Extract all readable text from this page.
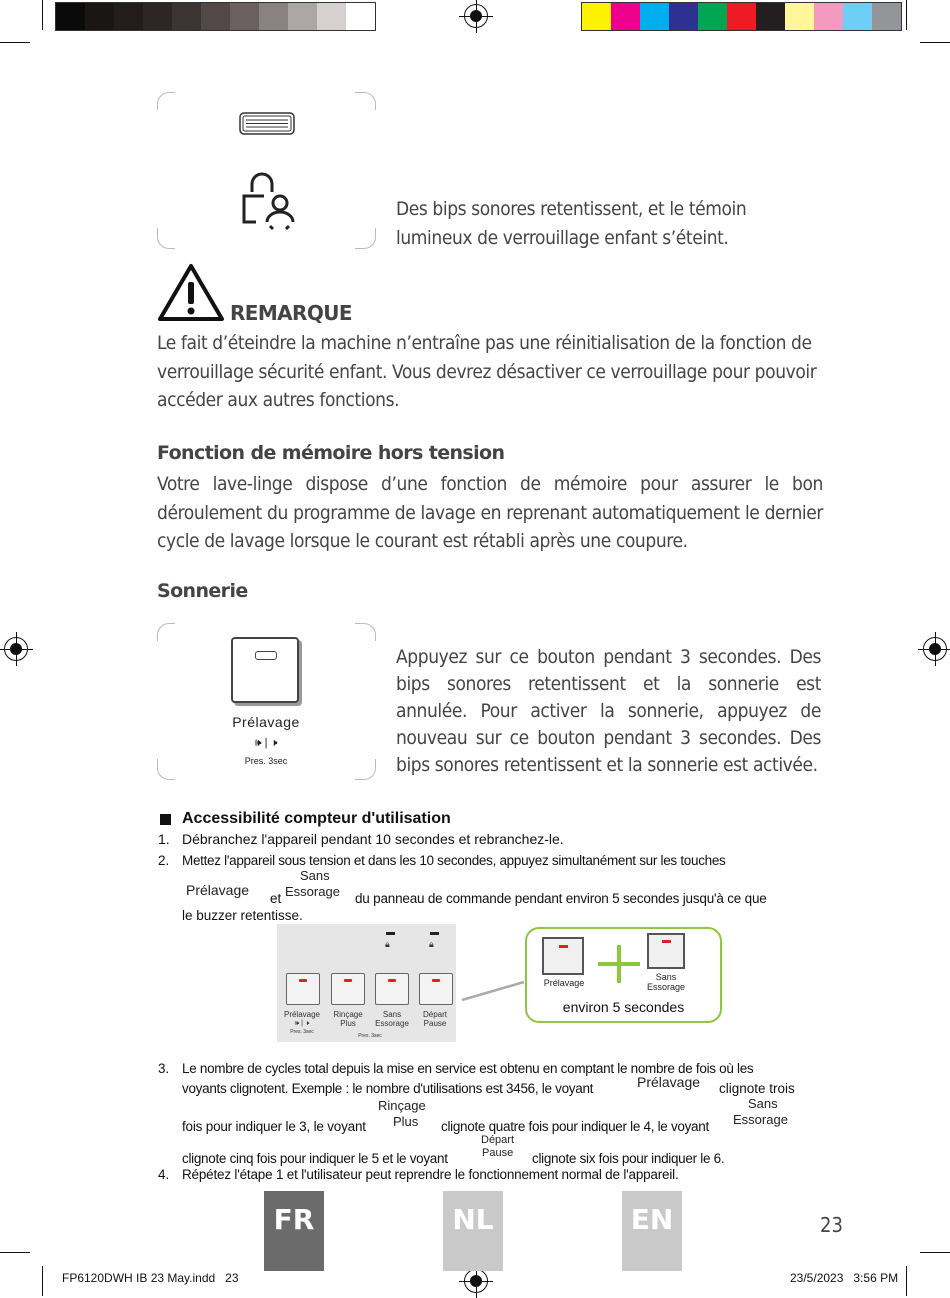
Des bips sonores retentissent, et le témoin lumineux de verrouillage enfant s’éteint.
REMARQUE
Le fait d’éteindre la machine n’entraîne pas une réinitialisation de la fonction de verrouillage sécurité enfant. Vous devrez désactiver ce verrouillage pour pouvoir accéder aux autres fonctions.
Fonction de mémoire hors tension
Votre lave-linge dispose d’une fonction de mémoire pour assurer le bon déroulement du programme de lavage en reprenant automatiquement le dernier cycle de lavage lorsque le courant est rétabli après une coupure.
Sonnerie
Prélavage
🕪 | 🕨
Pres. 3sec
Appuyez sur ce bouton pendant 3 secondes. Des bips sonores retentissent et la sonnerie est annulée. Pour activer la sonnerie, appuyez de nouveau sur ce bouton pendant 3 secondes. Des bips sonores retentissent et la sonnerie est activée.
Accessibilité compteur d'utilisation
1. Débranchez l'appareil pendant 10 secondes et rebranchez-le.
2. Mettez l'appareil sous tension et dans les 10 secondes, appuyez simultanément sur les touches
Prélavage
et
Sans
Essorage du panneau de commande pendant environ 5 secondes jusqu'à ce que
le buzzer retentisse.
🔒︎	🔒︎
Prélavage
🕪 | 🕨
Pres. 3sec
Rinçage
Plus
Sans
Essorage
Départ
Pause
Pres. 3sec
Prélavage
Sans
Essorage
environ 5 secondes
3. Le nombre de cycles total depuis la mise en service est obtenu en comptant le nombre de fois où les
voyants clignotent. Exemple : le nombre d'utilisations est 3456, le voyant	Prélavage clignote trois
fois pour indiquer le 3, le voyant
Rinçage
Plus clignote quatre fois pour indiquer le 4, le voyant
Sans
Essorage
clignote cinq fois pour indiquer le 5 et le voyant
Départ
Pause clignote six fois pour indiquer le 6.
4. Répétez l'étape 1 et l'utilisateur peut reprendre le fonctionnement normal de l'appareil.
FR	NL	EN	23
FP6120DWH IB 23 May.indd   23	23/5/2023   3:56 PM
